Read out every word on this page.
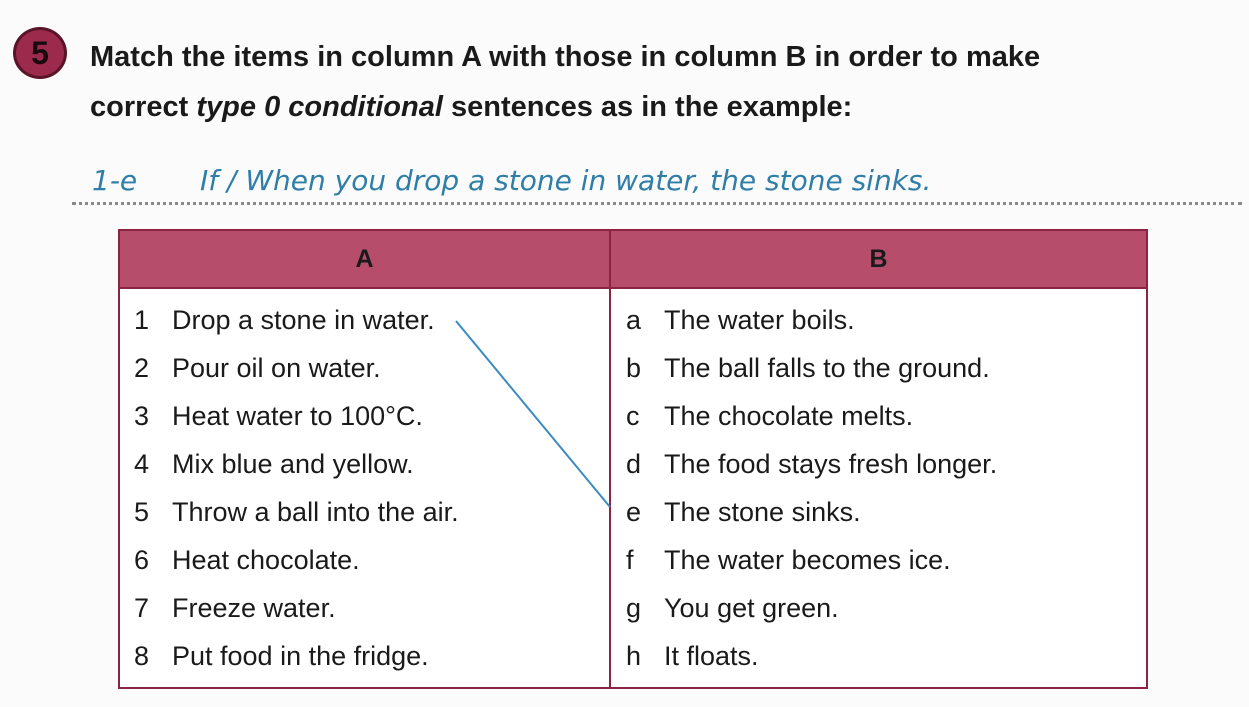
5 Match the items in column A with those in column B in order to make
correct type 0 conditional sentences as in the example:

1-e If / When you drop a stone in water, the stone sinks.
A	B
1 Drop a stone in water.
2 Pour oil on water.
3 Heat water to 100°C.
4 Mix blue and yellow.
5 Throw a ball into the air.
6 Heat chocolate.
7 Freeze water.
8 Put food in the fridge.
a The water boils.
b The ball falls to the ground.
c The chocolate melts.
d The food stays fresh longer.
e The stone sinks.
f The water becomes ice.
g You get green.
h It floats.
